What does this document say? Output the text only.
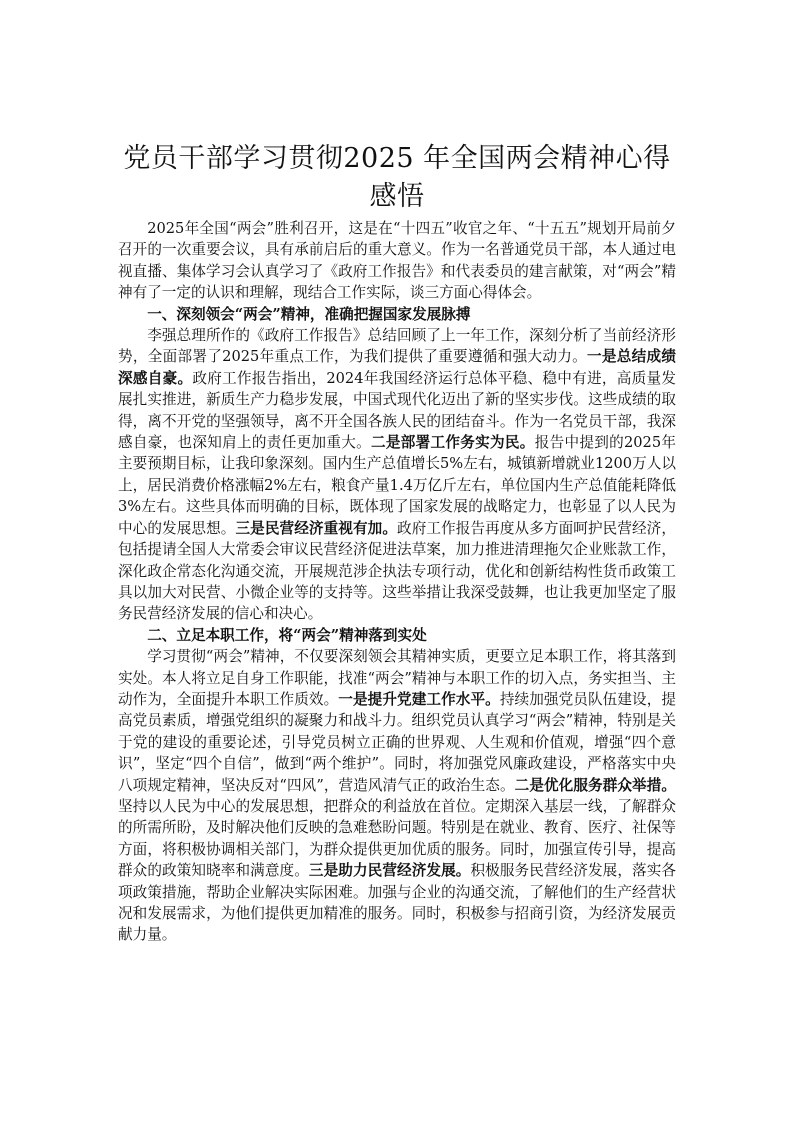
党员干部学习贯彻2025 年全国两会精神心得
感悟

2025年全国“两会”胜利召开，这是在“十四五”收官之年、“十五五”规划开局前夕召开的一次重要会议，具有承前启后的重大意义。作为一名普通党员干部，本人通过电视直播、集体学习会认真学习了《政府工作报告》和代表委员的建言献策，对“两会”精神有了一定的认识和理解，现结合工作实际，谈三方面心得体会。

一、深刻领会“两会”精神，准确把握国家发展脉搏

李强总理所作的《政府工作报告》总结回顾了上一年工作，深刻分析了当前经济形势，全面部署了2025年重点工作，为我们提供了重要遵循和强大动力。一是总结成绩深感自豪。政府工作报告指出，2024年我国经济运行总体平稳、稳中有进，高质量发展扎实推进，新质生产力稳步发展，中国式现代化迈出了新的坚实步伐。这些成绩的取得，离不开党的坚强领导，离不开全国各族人民的团结奋斗。作为一名党员干部，我深感自豪，也深知肩上的责任更加重大。二是部署工作务实为民。报告中提到的2025年主要预期目标，让我印象深刻。国内生产总值增长5%左右，城镇新增就业1200万人以上，居民消费价格涨幅2%左右，粮食产量1.4万亿斤左右，单位国内生产总值能耗降低3%左右。这些具体而明确的目标，既体现了国家发展的战略定力，也彰显了以人民为中心的发展思想。三是民营经济重视有加。政府工作报告再度从多方面呵护民营经济，包括提请全国人大常委会审议民营经济促进法草案，加力推进清理拖欠企业账款工作，深化政企常态化沟通交流，开展规范涉企执法专项行动，优化和创新结构性货币政策工具以加大对民营、小微企业等的支持等。这些举措让我深受鼓舞，也让我更加坚定了服务民营经济发展的信心和决心。

二、立足本职工作，将“两会”精神落到实处

学习贯彻“两会”精神，不仅要深刻领会其精神实质，更要立足本职工作，将其落到实处。本人将立足自身工作职能，找准“两会”精神与本职工作的切入点，务实担当、主动作为，全面提升本职工作质效。一是提升党建工作水平。持续加强党员队伍建设，提高党员素质，增强党组织的凝聚力和战斗力。组织党员认真学习“两会”精神，特别是关于党的建设的重要论述，引导党员树立正确的世界观、人生观和价值观，增强“四个意识”，坚定“四个自信”，做到“两个维护”。同时，将加强党风廉政建设，严格落实中央八项规定精神，坚决反对“四风”，营造风清气正的政治生态。二是优化服务群众举措。坚持以人民为中心的发展思想，把群众的利益放在首位。定期深入基层一线，了解群众的所需所盼，及时解决他们反映的急难愁盼问题。特别是在就业、教育、医疗、社保等方面，将积极协调相关部门，为群众提供更加优质的服务。同时，加强宣传引导，提高群众的政策知晓率和满意度。三是助力民营经济发展。积极服务民营经济发展，落实各项政策措施，帮助企业解决实际困难。加强与企业的沟通交流，了解他们的生产经营状况和发展需求，为他们提供更加精准的服务。同时，积极参与招商引资，为经济发展贡献力量。
